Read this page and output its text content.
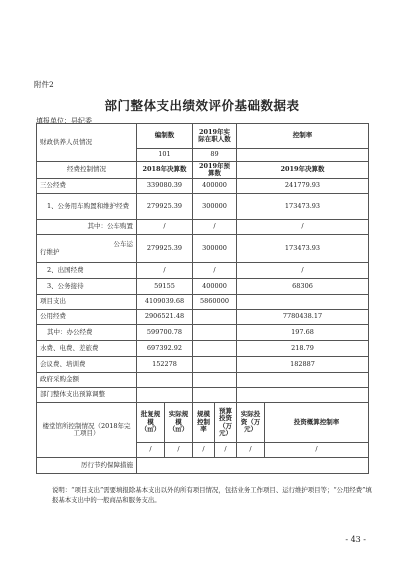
附件2
部门整体支出绩效评价基础数据表
填报单位：县纪委
财政供养人员情况	编制数		2019年实际在职人数		控制率	
	101		89			
经费控制情况	2018年决算数		2019年预算数		2019年决算数	
三公经费	339080.39		400000		241779.93	
1、公务用车购置和维护经费	279925.39		300000		173473.93	
其中：公车购置	/		/		/	

公车运
行维护	279925.39		300000		173473.93	
2、出国经费	/		/		/	
3、公务接待	59155		400000		68306	
项目支出	4109039.68		5860000			
公用经费	2906521.48				7780438.17	
其中：办公经费	599700.78				197.68	
水费、电费、差旅费	697392.92				218.79	
会议费、培训费	152278				182887	
政府采购金额						
部门整体支出预算调整						
楼堂馆所控制情况（2018年完工项目）	批复规模（㎡）	实际规模（㎡）	规模控制率	预算投资（万元）	实际投资（万元）	投资概算控制率
	/	/	/	/	/	/
厉行节约保障措施						
说明：“项目支出”需要填报除基本支出以外的所有项目情况，包括业务工作项目、运行维护项目等；“公用经费”填报基本支出中的一般商品和服务支出。
- 43 -
